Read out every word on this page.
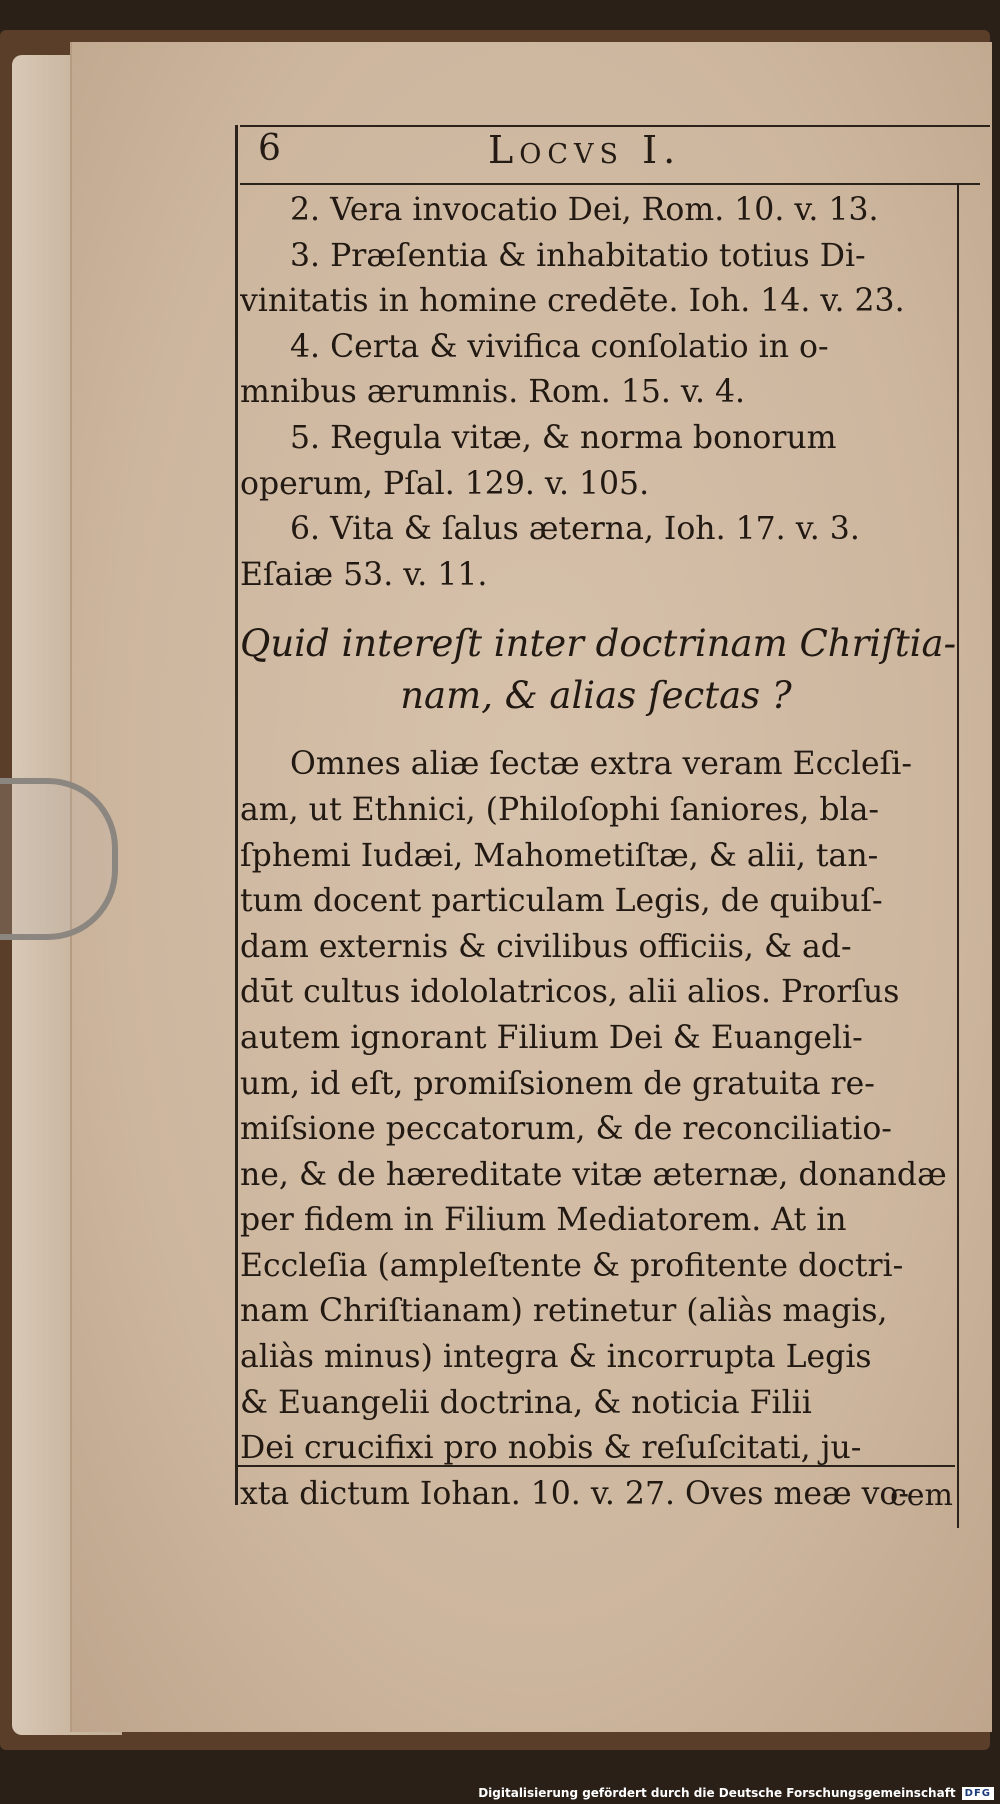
6	Locvs I.
2. Vera invocatio Dei, Rom. 10. v. 13.
3. Præſentia & inhabitatio totius Di-
vinitatis in homine credēte. Ioh. 14. v. 23.
4. Certa & vivifica conſolatio in o-
mnibus ærumnis. Rom. 15. v. 4.
5. Regula vitæ, & norma bonorum
operum, Pſal. 129. v. 105.
6. Vita & ſalus æterna, Ioh. 17. v. 3.
Eſaiæ 53. v. 11.
Quid intereſt inter doctrinam Chriſtia-
nam, & alias ſectas ?
Omnes aliæ ſectæ extra veram Eccleſi-
am, ut Ethnici, (Philoſophi ſaniores, bla-
ſphemi Iudæi, Mahometiſtæ, & alii, tan-
tum docent particulam Legis, de quibuſ-
dam externis & civilibus officiis, & ad-
dūt cultus idololatricos, alii alios. Prorſus
autem ignorant Filium Dei & Euangeli-
um, id eſt, promiſsionem de gratuita re-
miſsione peccatorum, & de reconciliatio-
ne, & de hæreditate vitæ æternæ, donandæ
per fidem in Filium Mediatorem. At in
Eccleſia (ampleſtente & profitente doctri-
nam Chriſtianam) retinetur (aliàs magis,
aliàs minus) integra & incorrupta Legis
& Euangelii doctrina, & noticia Filii
Dei crucifixi pro nobis & reſuſcitati, ju-
xta dictum Iohan. 10. v. 27. Oves meæ vo-
cem
Digitalisierung gefördert durch die Deutsche Forschungsgemeinschaft DFG
